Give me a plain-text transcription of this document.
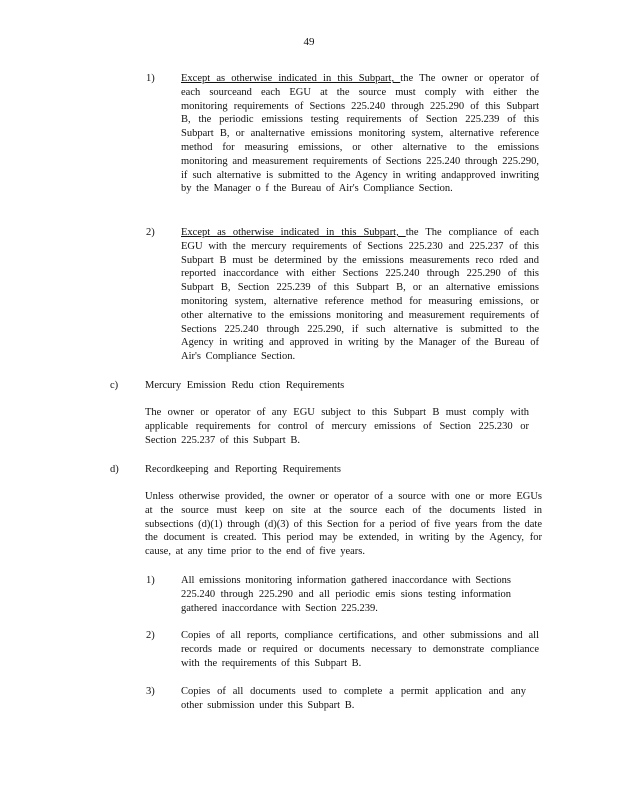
49
1)	Except as otherwise indicated in this Subpart, the The owner or operator of each sourceand each EGU at the source must comply with either the monitoring requirements of Sections 225.240 through 225.290 of this Subpart B, the periodic emissions testing requirements of Section 225.239 of this Subpart B, or analternative emissions monitoring system, alternative reference method for measuring emissions, or other alternative to the emissions monitoring and measurement requirements of Sections 225.240 through 225.290, if such alternative is submitted to the Agency in writing andapproved inwriting by the Manager o f the Bureau of Air's Compliance Section.
2)	Except as otherwise indicated in this Subpart, the The compliance of each EGU with the mercury requirements of Sections 225.230 and 225.237 of this Subpart B must be determined by the emissions measurements reco rded and reported inaccordance with either Sections 225.240 through 225.290 of this Subpart B, Section 225.239 of this Subpart B, or an alternative emissions monitoring system, alternative reference method for measuring emissions, or other alternative to the emissions monitoring and measurement requirements of Sections 225.240 through 225.290, if such alternative is submitted to the Agency in writing and approved in writing by the Manager of the Bureau of Air's Compliance Section.
c)	Mercury Emission Redu ction Requirements
The owner or operator of any EGU subject to this Subpart B must comply with applicable requirements for control of mercury emissions of Section 225.230 or Section 225.237 of this Subpart B.
d)	Recordkeeping and Reporting Requirements
Unless otherwise provided, the owner or operator of a source with one or more EGUs at the source must keep on site at the source each of the documents listed in subsections (d)(1) through (d)(3) of this Section for a period of five years from the date the document is created. This period may be extended, in writing by the Agency, for cause, at any time prior to the end of five years.
1)	All emissions monitoring information gathered inaccordance with Sections 225.240 through 225.290 and all periodic emis sions testing information gathered inaccordance with Section 225.239.
2)	Copies of all reports, compliance certifications, and other submissions and all records made or required or documents necessary to demonstrate compliance with the requirements of this Subpart B.
3)	Copies of all documents used to complete a permit application and any other submission under this Subpart B.
